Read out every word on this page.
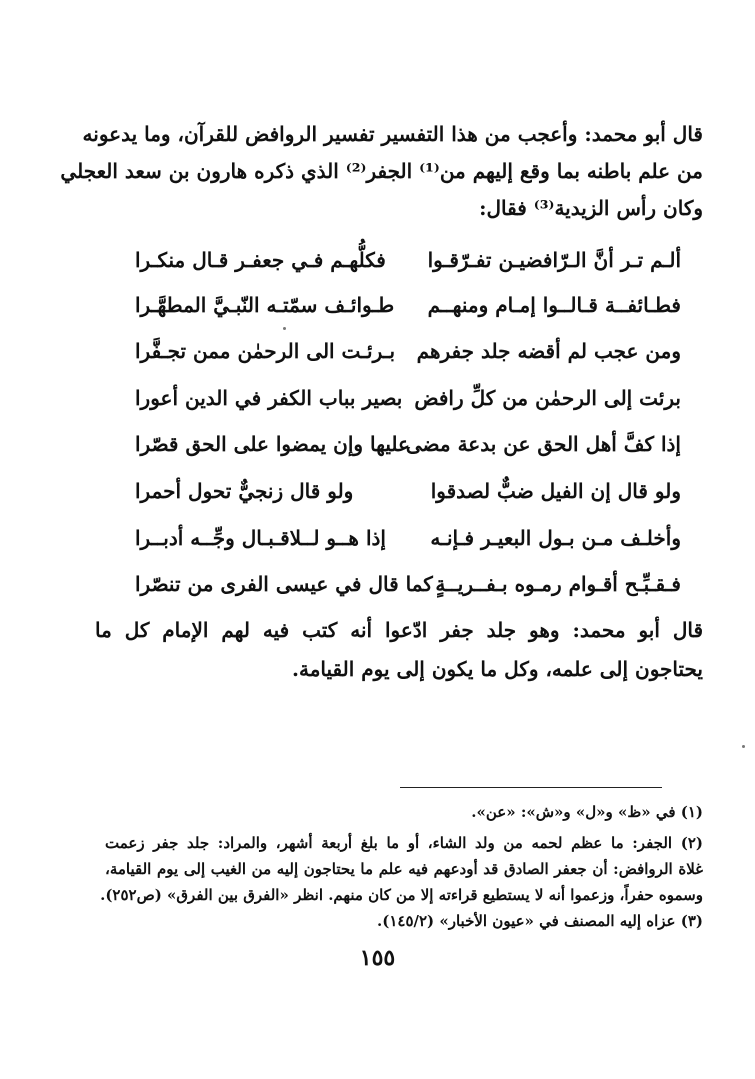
قال أبو محمد: وأعجب من هذا التفسير تفسير الروافض للقرآن، وما يدعونه
من علم باطنه بما وقع إليهم من⁽¹⁾ الجفر⁽²⁾ الذي ذكره هارون بن سعد العجلي
وكان رأس الزيدية⁽³⁾ فقال:
ألـم تـر أنَّ الـرّافضيـن تفـرّقـوا
فكلُّهـم فـي جعفـر قـال منكـرا
فطـائفــة قـالــوا إمـام ومنهــم
طـوائـف سمّتـه النّبـيَّ المطهَّـرا
ومن عجب لم أقضه جلد جفرهم
بـرئـت الى الرحمٰن ممن تجـفَّرا
برئت إلى الرحمٰن من كلِّ رافض
بصير بباب الكفر في الدين أعورا
إذا كفَّ أهل الحق عن بدعة مضى
عليها وإن يمضوا على الحق قصّرا
ولو قال إن الفيل ضبٌّ لصدقوا
ولو قال زنجيٌّ تحول أحمرا
وأخلـف مـن بـول البعيـر فـإنـه
إذا هــو لــلاقـبـال وجِّــه أدبــرا
فـقـبِّـح أقـوام رمـوه بـفــريــةٍ
كما قال في عيسى الفرى من تنصّرا
قال أبو محمد: وهو جلد جفر ادّعوا أنه كتب فيه لهم الإمام كل ما
يحتاجون إلى علمه، وكل ما يكون إلى يوم القيامة.
(١) في «ظ» و«ل» و«ش»: «عن».
(٢) الجفر: ما عظم لحمه من ولد الشاء، أو ما بلغ أربعة أشهر، والمراد: جلد جفر زعمت
غلاة الروافض: أن جعفر الصادق قد أودعهم فيه علم ما يحتاجون إليه من الغيب إلى يوم القيامة،
وسموه حفراً، وزعموا أنه لا يستطيع قراءته إلا من كان منهم. انظر «الفرق بين الفرق» (ص٢٥٢).
(٣) عزاه إليه المصنف في «عيون الأخبار» (١٤٥/٢).
١٥٥
